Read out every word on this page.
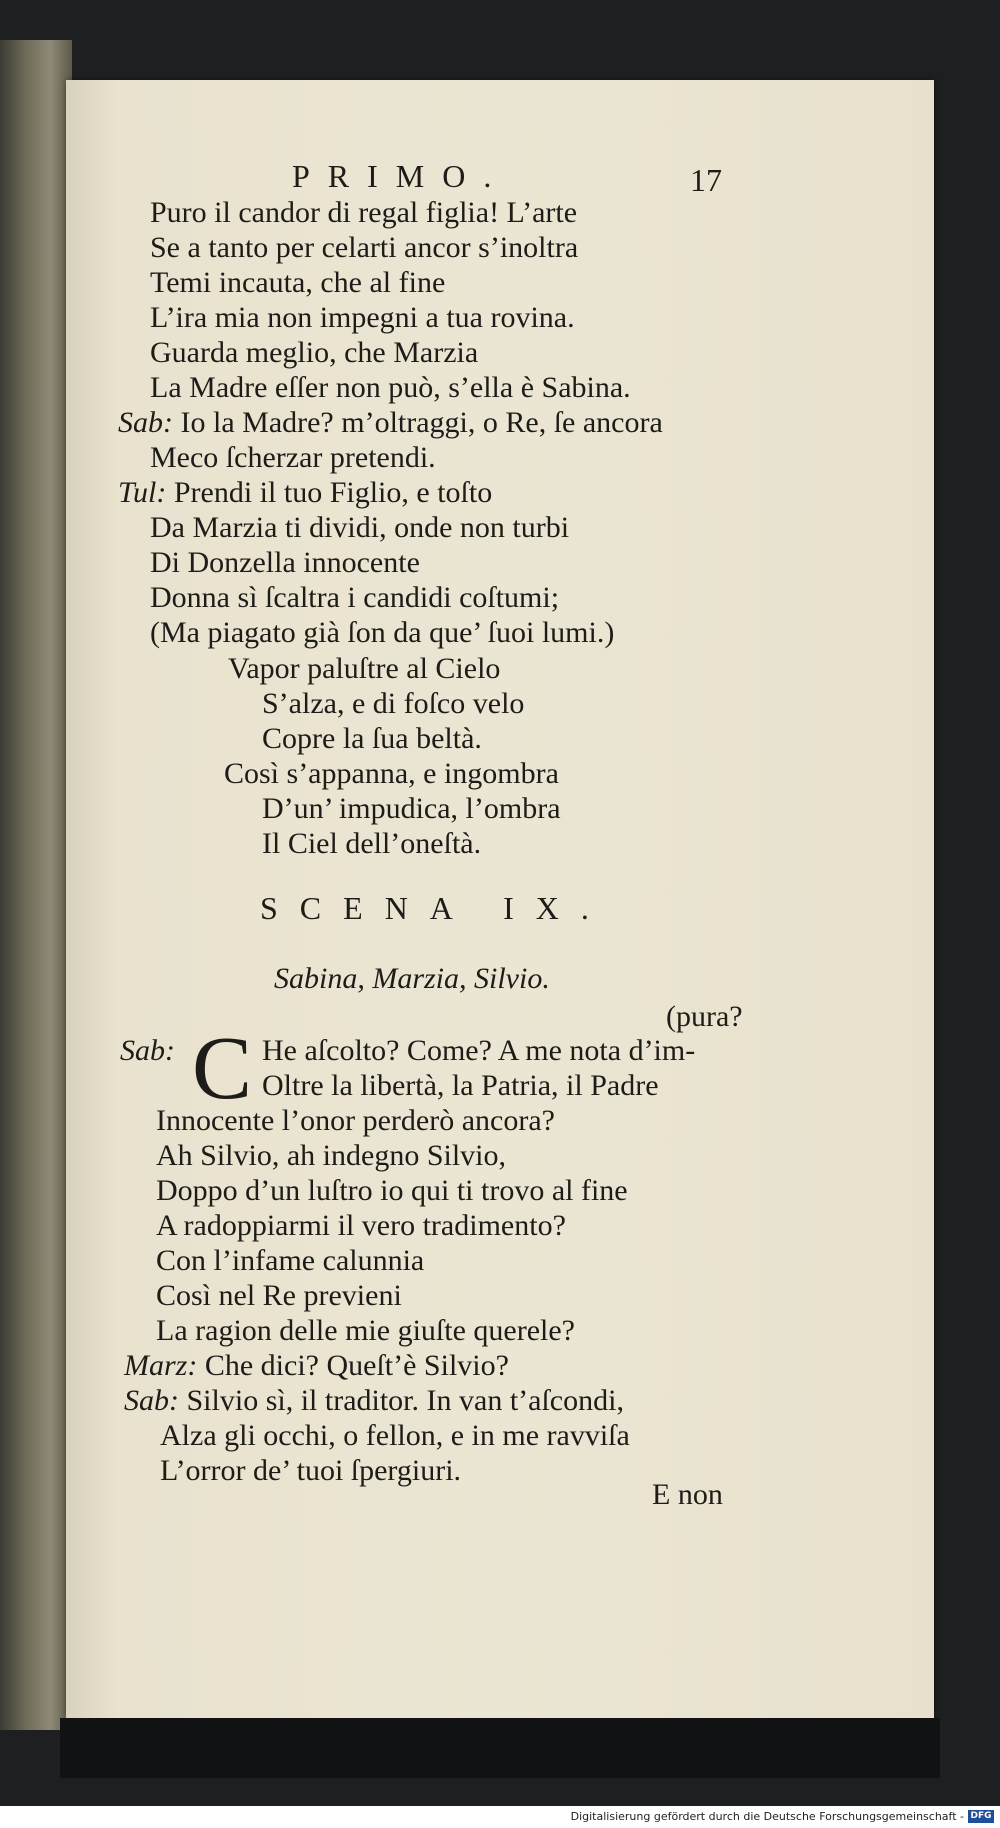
PRIMO.	17
Puro il candor di regal figlia! L’arte
Se a tanto per celarti ancor s’inoltra
Temi incauta, che al fine
L’ira mia non impegni a tua rovina.
Guarda meglio, che Marzia
La Madre eſſer non può, s’ella è Sabina.
Sab: Io la Madre? m’oltraggi, o Re, ſe ancora
Meco ſcherzar pretendi.
Tul: Prendi il tuo Figlio, e toſto
Da Marzia ti dividi, onde non turbi
Di Donzella innocente
Donna sì ſcaltra i candidi coſtumi;
(Ma piagato già ſon da que’ ſuoi lumi.)
Vapor paluſtre al Cielo
S’alza, e di foſco velo
Copre la ſua beltà.
Così s’appanna, e ingombra
D’un’ impudica, l’ombra
Il Ciel dell’oneſtà.
SCENA IX.
Sabina, Marzia, Silvio.
(pura?
Sab: C He aſcolto? Come? A me nota d’im-
Oltre la libertà, la Patria, il Padre
Innocente l’onor perderò ancora?
Ah Silvio, ah indegno Silvio,
Doppo d’un luſtro io qui ti trovo al fine
A radoppiarmi il vero tradimento?
Con l’infame calunnia
Così nel Re previeni
La ragion delle mie giuſte querele?
Marz: Che dici? Queſt’è Silvio?
Sab: Silvio sì, il traditor. In van t’aſcondi,
Alza gli occhi, o fellon, e in me ravviſa
L’orror de’ tuoi ſpergiuri.
E non
Digitalisierung gefördert durch die Deutsche Forschungsgemeinschaft - DFG
